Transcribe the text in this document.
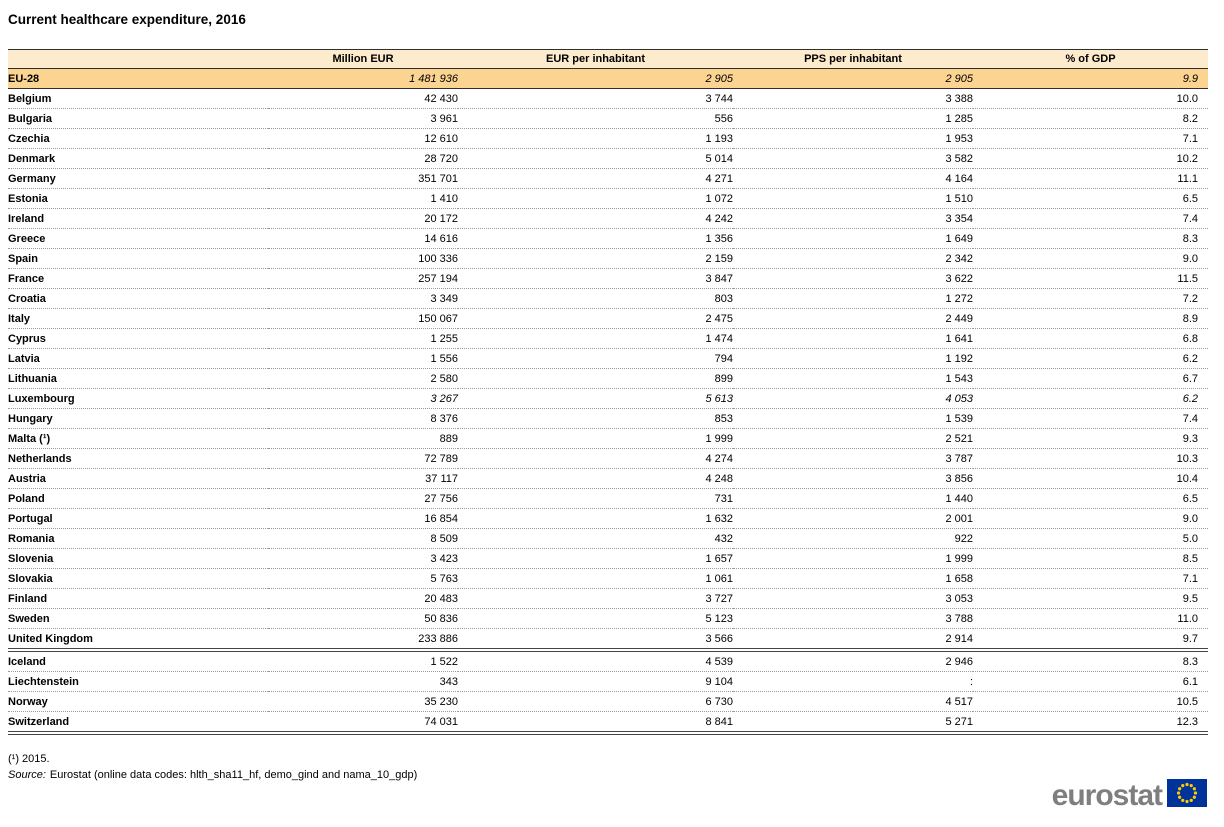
Current healthcare expenditure, 2016
	Million EUR	EUR per inhabitant	PPS per inhabitant	% of GDP
EU-28	1 481 936	2 905	2 905	9.9
Belgium	42 430	3 744	3 388	10.0
Bulgaria	3 961	556	1 285	8.2
Czechia	12 610	1 193	1 953	7.1
Denmark	28 720	5 014	3 582	10.2
Germany	351 701	4 271	4 164	11.1
Estonia	1 410	1 072	1 510	6.5
Ireland	20 172	4 242	3 354	7.4
Greece	14 616	1 356	1 649	8.3
Spain	100 336	2 159	2 342	9.0
France	257 194	3 847	3 622	11.5
Croatia	3 349	803	1 272	7.2
Italy	150 067	2 475	2 449	8.9
Cyprus	1 255	1 474	1 641	6.8
Latvia	1 556	794	1 192	6.2
Lithuania	2 580	899	1 543	6.7
Luxembourg	3 267	5 613	4 053	6.2
Hungary	8 376	853	1 539	7.4
Malta (¹)	889	1 999	2 521	9.3
Netherlands	72 789	4 274	3 787	10.3
Austria	37 117	4 248	3 856	10.4
Poland	27 756	731	1 440	6.5
Portugal	16 854	1 632	2 001	9.0
Romania	8 509	432	922	5.0
Slovenia	3 423	1 657	1 999	8.5
Slovakia	5 763	1 061	1 658	7.1
Finland	20 483	3 727	3 053	9.5
Sweden	50 836	5 123	3 788	11.0
United Kingdom	233 886	3 566	2 914	9.7
Iceland	1 522	4 539	2 946	8.3
Liechtenstein	343	9 104	:	6.1
Norway	35 230	6 730	4 517	10.5
Switzerland	74 031	8 841	5 271	12.3
(¹) 2015.
Source: Eurostat (online data codes: hlth_sha11_hf, demo_gind and nama_10_gdp)
eurostat
